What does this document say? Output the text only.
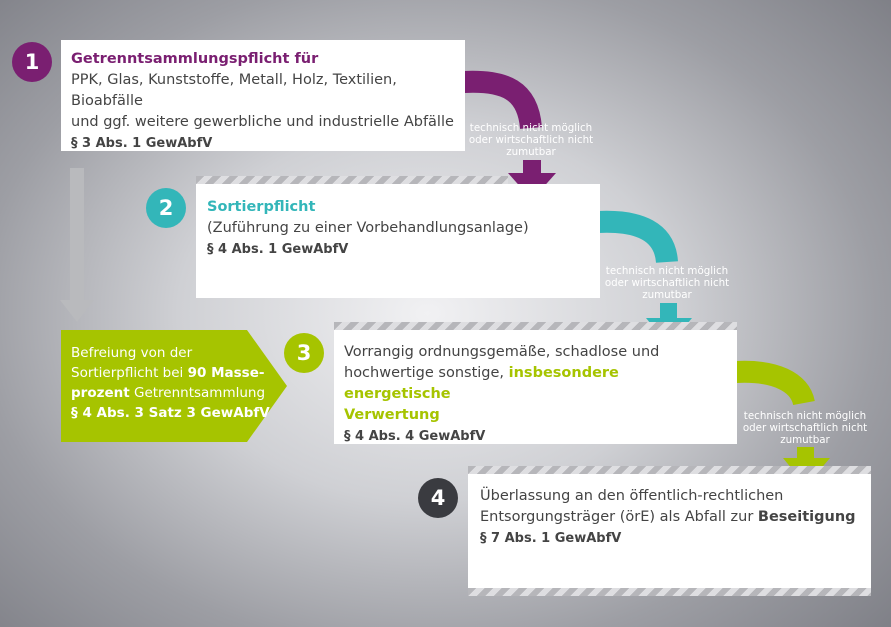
Getrenntsammlungspflicht für
PPK, Glas, Kunststoffe, Metall, Holz, Textilien, Bioabfälle
und ggf. weitere gewerbliche und industrielle Abfälle
§ 3 Abs. 1 GewAbfV
1
Sortierpflicht
(Zuführung zu einer Vorbehandlungsanlage)
§ 4 Abs. 1 GewAbfV
2
Befreiung von der
Sortierpflicht bei 90 Masse-
prozent Getrenntsammlung
§ 4 Abs. 3 Satz 3 GewAbfV
Vorrangig ordnungsgemäße, schadlose und
hochwertige sonstige, insbesondere energetische
Verwertung
§ 4 Abs. 4 GewAbfV
3
Überlassung an den öffentlich-rechtlichen
Entsorgungsträger (örE) als Abfall zur Beseitigung
§ 7 Abs. 1 GewAbfV
4
technisch nicht möglich
oder wirtschaftlich nicht
zumutbar
technisch nicht möglich
oder wirtschaftlich nicht
zumutbar
technisch nicht möglich
oder wirtschaftlich nicht
zumutbar
